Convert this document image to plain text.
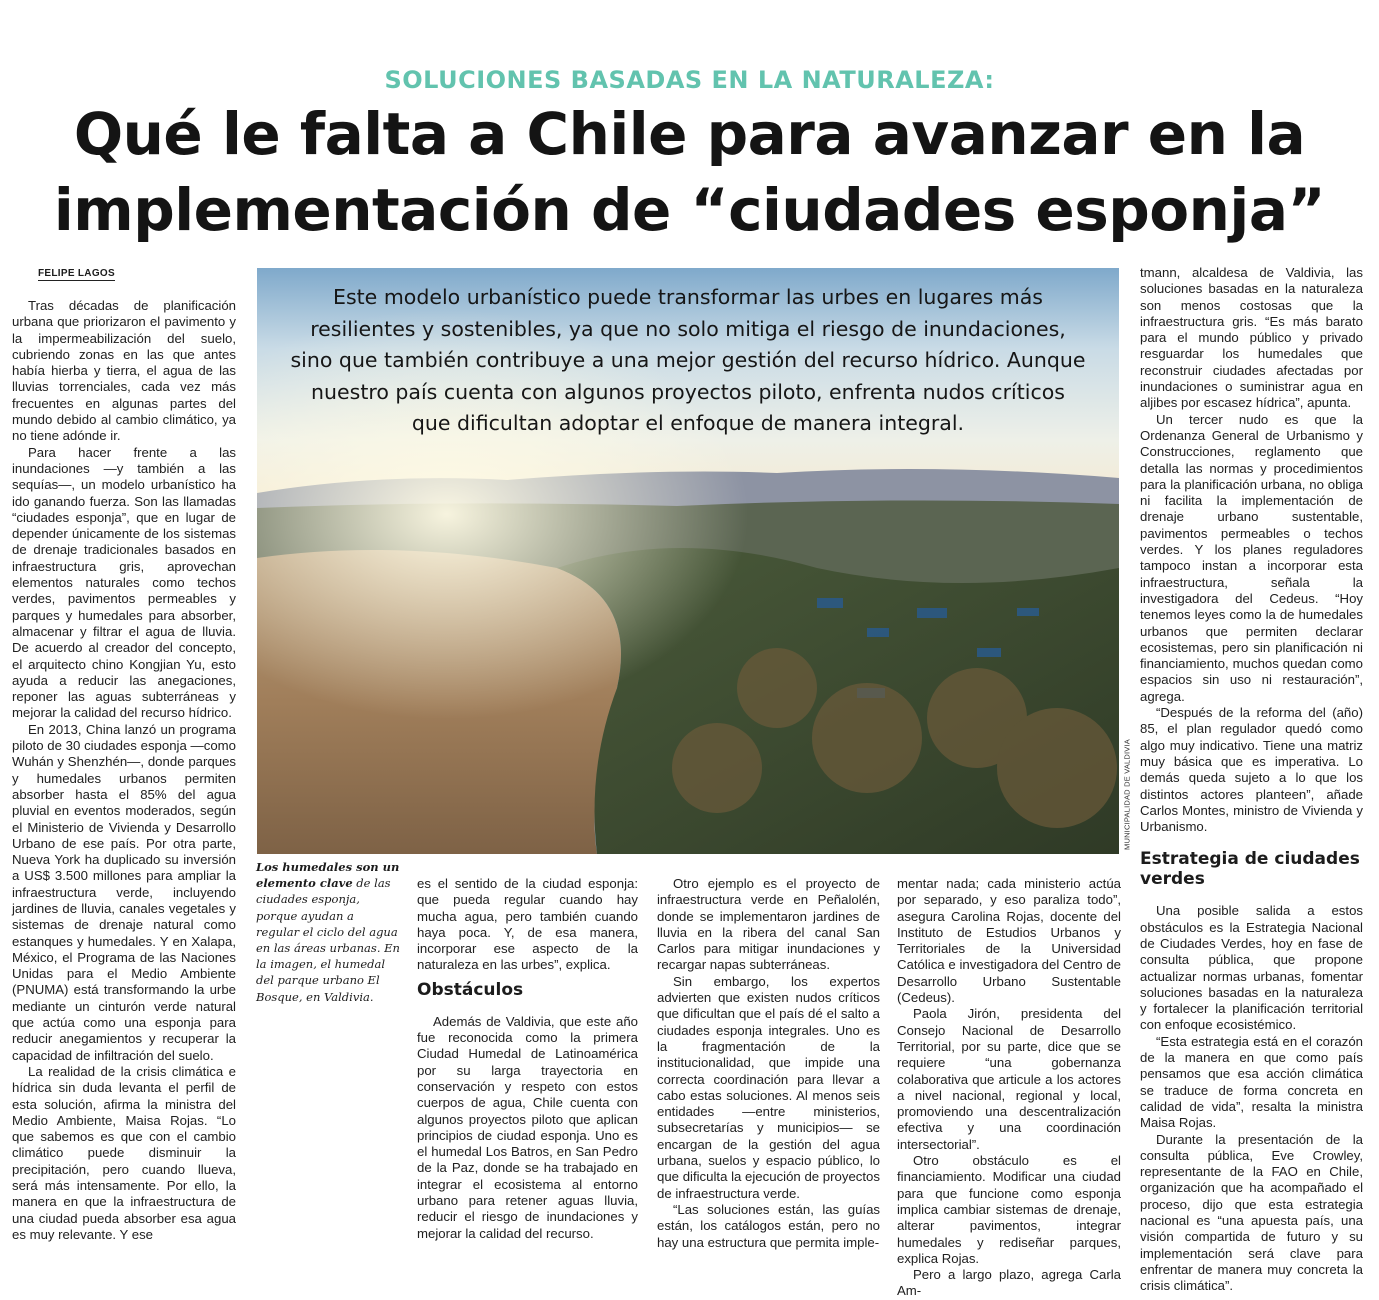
SOLUCIONES BASADAS EN LA NATURALEZA:
Qué le falta a Chile para avanzar en la
implementación de “ciudades esponja”
FELIPE LAGOS

Tras décadas de planificación urbana que priorizaron el pavimento y la impermeabilización del suelo, cubriendo zonas en las que antes había hierba y tierra, el agua de las lluvias torrenciales, cada vez más frecuentes en algunas partes del mundo debido al cambio climático, ya no tiene adónde ir.

Para hacer frente a las inundaciones —y también a las sequías—, un modelo urbanístico ha ido ganando fuerza. Son las llamadas “ciudades esponja”, que en lugar de depender únicamente de los sistemas de drenaje tradicionales basados en infraestructura gris, aprovechan elementos naturales como techos verdes, pavimentos permeables y parques y humedales para absorber, almacenar y filtrar el agua de lluvia. De acuerdo al creador del concepto, el arquitecto chino Kongjian Yu, esto ayuda a reducir las anegaciones, reponer las aguas subterráneas y mejorar la calidad del recurso hídrico.

En 2013, China lanzó un programa piloto de 30 ciudades esponja —como Wuhán y Shenzhén—, donde parques y humedales urbanos permiten absorber hasta el 85% del agua pluvial en eventos moderados, según el Ministerio de Vivienda y Desarrollo Urbano de ese país. Por otra parte, Nueva York ha duplicado su inversión a US$ 3.500 millones para ampliar la infraestructura verde, incluyendo jardines de lluvia, canales vegetales y sistemas de drenaje natural como estanques y humedales. Y en Xalapa, México, el Programa de las Naciones Unidas para el Medio Ambiente (PNUMA) está transformando la urbe mediante un cinturón verde natural que actúa como una esponja para reducir anegamientos y recuperar la capacidad de infiltración del suelo.

La realidad de la crisis climática e hídrica sin duda levanta el perfil de esta solución, afirma la ministra del Medio Ambiente, Maisa Rojas. “Lo que sabemos es que con el cambio climático puede disminuir la precipitación, pero cuando llueva, será más intensamente. Por ello, la manera en que la infraestructura de una ciudad pueda absorber esa agua es muy relevante. Y ese

Este modelo urbanístico puede transformar las urbes en lugares más
resilientes y sostenibles, ya que no solo mitiga el riesgo de inundaciones,
sino que también contribuye a una mejor gestión del recurso hídrico. Aunque
nuestro país cuenta con algunos proyectos piloto, enfrenta nudos críticos
que dificultan adoptar el enfoque de manera integral.
MUNICIPALIDAD DE VALDIVIA
Los humedales son un elemento clave de las ciudades esponja, porque ayudan a regular el ciclo del agua en las áreas urbanas. En la imagen, el humedal del parque urbano El Bosque, en Valdivia.

es el sentido de la ciudad esponja: que pueda regular cuando hay mucha agua, pero también cuando haya poca. Y, de esa manera, incorporar ese aspecto de la naturaleza en las urbes”, explica.

Obstáculos

Además de Valdivia, que este año fue reconocida como la primera Ciudad Humedal de Latinoamérica por su larga trayectoria en conservación y respeto con estos cuerpos de agua, Chile cuenta con algunos proyectos piloto que aplican principios de ciudad esponja. Uno es el humedal Los Batros, en San Pedro de la Paz, donde se ha trabajado en integrar el ecosistema al entorno urbano para retener aguas lluvia, reducir el riesgo de inundaciones y mejorar la calidad del recurso.

Otro ejemplo es el proyecto de infraestructura verde en Peñalolén, donde se implementaron jardines de lluvia en la ribera del canal San Carlos para mitigar inundaciones y recargar napas subterráneas.

Sin embargo, los expertos advierten que existen nudos críticos que dificultan que el país dé el salto a ciudades esponja integrales. Uno es la fragmentación de la institucionalidad, que impide una correcta coordinación para llevar a cabo estas soluciones. Al menos seis entidades —entre ministerios, subsecretarías y municipios— se encargan de la gestión del agua urbana, suelos y espacio público, lo que dificulta la ejecución de proyectos de infraestructura verde.

“Las soluciones están, las guías están, los catálogos están, pero no hay una estructura que permita imple-

mentar nada; cada ministerio actúa por separado, y eso paraliza todo”, asegura Carolina Rojas, docente del Instituto de Estudios Urbanos y Territoriales de la Universidad Católica e investigadora del Centro de Desarrollo Urbano Sustentable (Cedeus).

Paola Jirón, presidenta del Consejo Nacional de Desarrollo Territorial, por su parte, dice que se requiere “una gobernanza colaborativa que articule a los actores a nivel nacional, regional y local, promoviendo una descentralización efectiva y una coordinación intersectorial”.

Otro obstáculo es el financiamiento. Modificar una ciudad para que funcione como esponja implica cambiar sistemas de drenaje, alterar pavimentos, integrar humedales y rediseñar parques, explica Rojas.

Pero a largo plazo, agrega Carla Am-

tmann, alcaldesa de Valdivia, las soluciones basadas en la naturaleza son menos costosas que la infraestructura gris. “Es más barato para el mundo público y privado resguardar los humedales que reconstruir ciudades afectadas por inundaciones o suministrar agua en aljibes por escasez hídrica”, apunta.

Un tercer nudo es que la Ordenanza General de Urbanismo y Construcciones, reglamento que detalla las normas y procedimientos para la planificación urbana, no obliga ni facilita la implementación de drenaje urbano sustentable, pavimentos permeables o techos verdes. Y los planes reguladores tampoco instan a incorporar esta infraestructura, señala la investigadora del Cedeus. “Hoy tenemos leyes como la de humedales urbanos que permiten declarar ecosistemas, pero sin planificación ni financiamiento, muchos quedan como espacios sin uso ni restauración”, agrega.

“Después de la reforma del (año) 85, el plan regulador quedó como algo muy indicativo. Tiene una matriz muy básica que es imperativa. Lo demás queda sujeto a lo que los distintos actores planteen”, añade Carlos Montes, ministro de Vivienda y Urbanismo.

Estrategia de ciudades verdes

Una posible salida a estos obstáculos es la Estrategia Nacional de Ciudades Verdes, hoy en fase de consulta pública, que propone actualizar normas urbanas, fomentar soluciones basadas en la naturaleza y fortalecer la planificación territorial con enfoque ecosistémico.

“Esta estrategia está en el corazón de la manera en que como país pensamos que esa acción climática se traduce de forma concreta en calidad de vida”, resalta la ministra Maisa Rojas.

Durante la presentación de la consulta pública, Eve Crowley, representante de la FAO en Chile, organización que ha acompañado el proceso, dijo que esta estrategia nacional es “una apuesta país, una visión compartida de futuro y su implementación será clave para enfrentar de manera muy concreta la crisis climática”.
